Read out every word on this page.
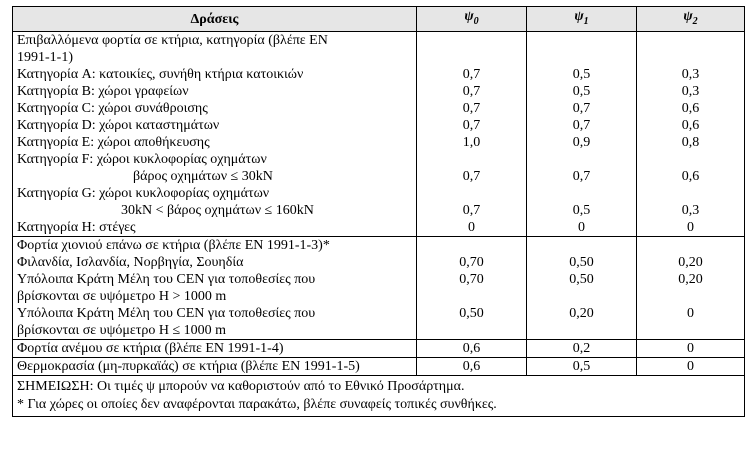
Δράσεις	$\psi_0$	$\psi_1$	$\psi_2$

Επιβαλλόμενα φορτία σε κτήρια, κατηγορία (βλέπε EN
1991-1-1)			

Κατηγορία A: κατοικίες, συνήθη κτήρια κατοικιών	0,7	0,5	0,3
Κατηγορία B: χώροι γραφείων	0,7	0,5	0,3
Κατηγορία C: χώροι συνάθροισης	0,7	0,7	0,6
Κατηγορία D: χώροι καταστημάτων	0,7	0,7	0,6
Κατηγορία E: χώροι αποθήκευσης	1,0	0,9	0,8

Κατηγορία F: χώροι κυκλοφορίας οχημάτων
βάρος οχημάτων ≤ 30kN	0,7	0,7	0,6

Κατηγορία G: χώροι κυκλοφορίας οχημάτων
30kN < βάρος οχημάτων ≤ 160kN	0,7	0,5	0,3
Κατηγορία H: στέγες	0	0	0
Φορτία χιονιού επάνω σε κτήρια (βλέπε EN 1991-1-3)*			
Φιλανδία, Ισλανδία, Νορβηγία, Σουηδία	0,70	0,50	0,20

Υπόλοιπα Κράτη Μέλη του CEN για τοποθεσίες που
βρίσκονται σε υψόμετρο H > 1000 m	0,70	0,50	0,20

Υπόλοιπα Κράτη Μέλη του CEN για τοποθεσίες που
βρίσκονται σε υψόμετρο H ≤ 1000 m	0,50	0,20	0
Φορτία ανέμου σε κτήρια (βλέπε EN 1991-1-4)	0,6	0,2	0
Θερμοκρασία (μη-πυρκαϊάς) σε κτήρια (βλέπε EN 1991-1-5)	0,6	0,5	0

ΣΗΜΕΙΩΣΗ: Οι τιμές ψ μπορούν να καθοριστούν από το Εθνικό Προσάρτημα.
* Για χώρες οι οποίες δεν αναφέρονται παρακάτω, βλέπε συναφείς τοπικές συνθήκες.			
